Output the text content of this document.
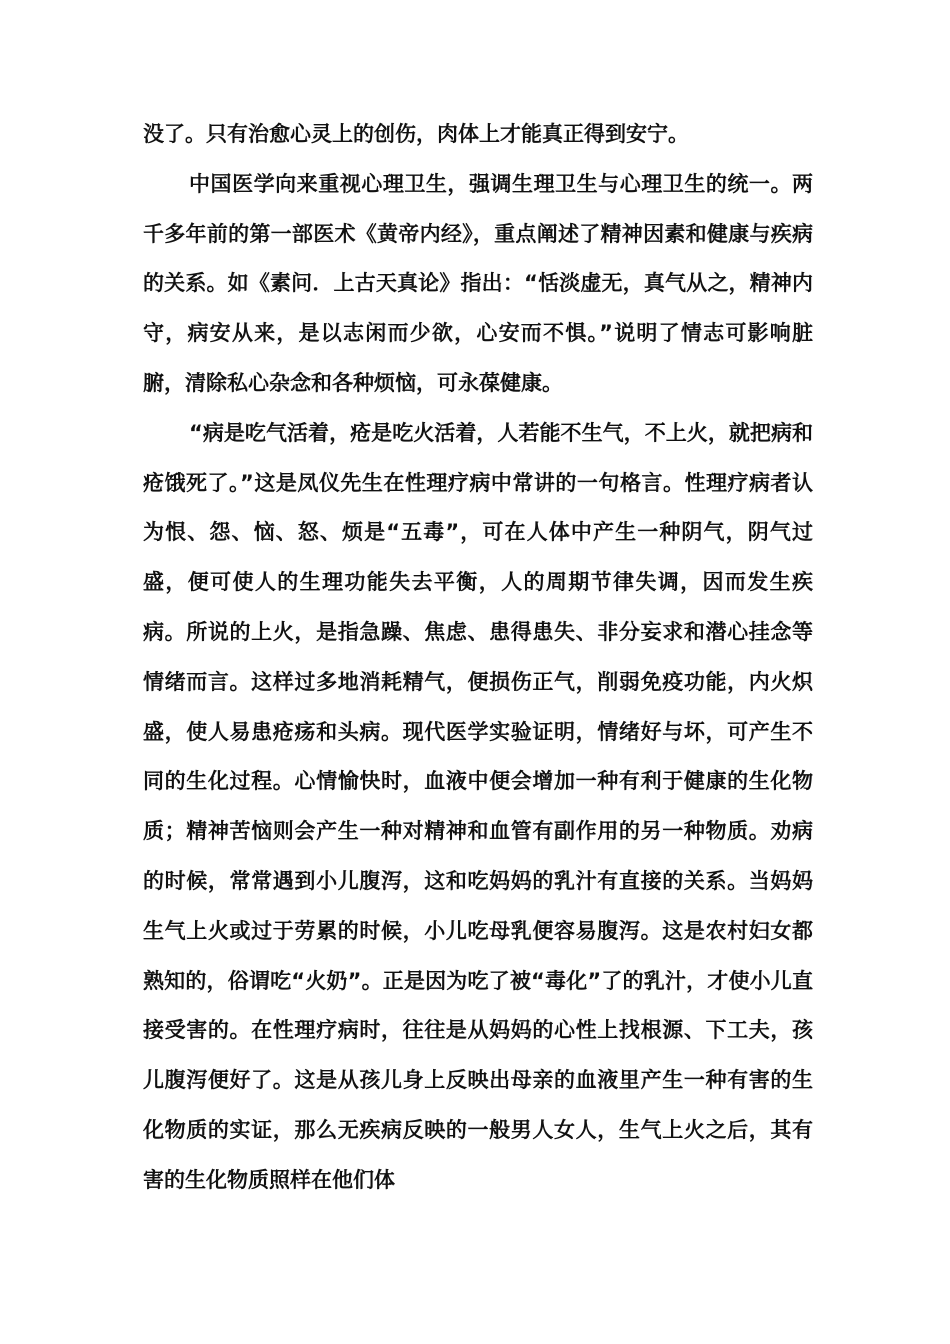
没了。只有治愈心灵上的创伤，肉体上才能真正得到安宁。

中国医学向来重视心理卫生，强调生理卫生与心理卫生的统一。两千多年前的第一部医术《黄帝内经》，重点阐述了精神因素和健康与疾病的关系。如《素问．上古天真论》指出：“恬淡虚无，真气从之，精神内守，病安从来，是以志闲而少欲，心安而不惧。”说明了情志可影响脏腑，清除私心杂念和各种烦恼，可永葆健康。

“病是吃气活着，疮是吃火活着，人若能不生气，不上火，就把病和疮饿死了。”这是凤仪先生在性理疗病中常讲的一句格言。性理疗病者认为恨、怨、恼、怒、烦是“五毒”，可在人体中产生一种阴气，阴气过盛，便可使人的生理功能失去平衡，人的周期节律失调，因而发生疾病。所说的上火，是指急躁、焦虑、患得患失、非分妄求和潜心挂念等情绪而言。这样过多地消耗精气，便损伤正气，削弱免疫功能，内火炽盛，使人易患疮疡和头病。现代医学实验证明，情绪好与坏，可产生不同的生化过程。心情愉快时，血液中便会增加一种有利于健康的生化物质；精神苦恼则会产生一种对精神和血管有副作用的另一种物质。劝病的时候，常常遇到小儿腹泻，这和吃妈妈的乳汁有直接的关系。当妈妈生气上火或过于劳累的时候，小儿吃母乳便容易腹泻。这是农村妇女都熟知的，俗谓吃“火奶”。正是因为吃了被“毒化”了的乳汁，才使小儿直接受害的。在性理疗病时，往往是从妈妈的心性上找根源、下工夫，孩儿腹泻便好了。这是从孩儿身上反映出母亲的血液里产生一种有害的生化物质的实证，那么无疾病反映的一般男人女人，生气上火之后，其有害的生化物质照样在他们体
